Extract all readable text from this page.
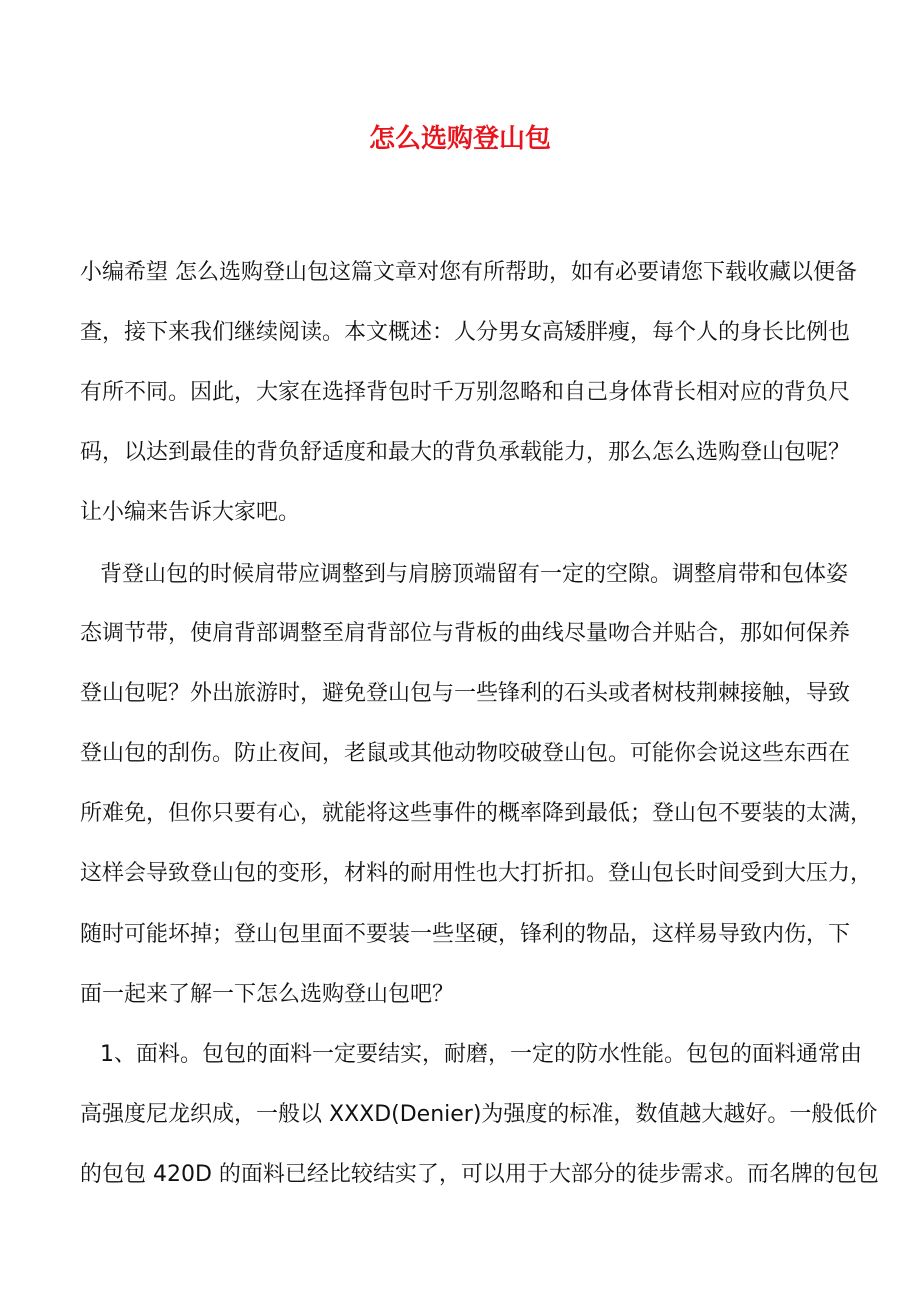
怎么选购登山包
小编希望 怎么选购登山包这篇文章对您有所帮助，如有必要请您下载收藏以便备
查，接下来我们继续阅读。本文概述：人分男女高矮胖瘦，每个人的身长比例也
有所不同。因此，大家在选择背包时千万别忽略和自己身体背长相对应的背负尺
码，以达到最佳的背负舒适度和最大的背负承载能力，那么怎么选购登山包呢？
让小编来告诉大家吧。
背登山包的时候肩带应调整到与肩膀顶端留有一定的空隙。调整肩带和包体姿
态调节带，使肩背部调整至肩背部位与背板的曲线尽量吻合并贴合，那如何保养
登山包呢？外出旅游时，避免登山包与一些锋利的石头或者树枝荆棘接触，导致
登山包的刮伤。防止夜间，老鼠或其他动物咬破登山包。可能你会说这些东西在
所难免，但你只要有心，就能将这些事件的概率降到最低；登山包不要装的太满，
这样会导致登山包的变形，材料的耐用性也大打折扣。登山包长时间受到大压力，
随时可能坏掉；登山包里面不要装一些坚硬，锋利的物品，这样易导致内伤，下
面一起来了解一下怎么选购登山包吧？
1、面料。包包的面料一定要结实，耐磨，一定的防水性能。包包的面料通常由
高强度尼龙织成，一般以 XXXD(Denier)为强度的标准，数值越大越好。一般低价
的包包 420D 的面料已经比较结实了，可以用于大部分的徒步需求。而名牌的包包
